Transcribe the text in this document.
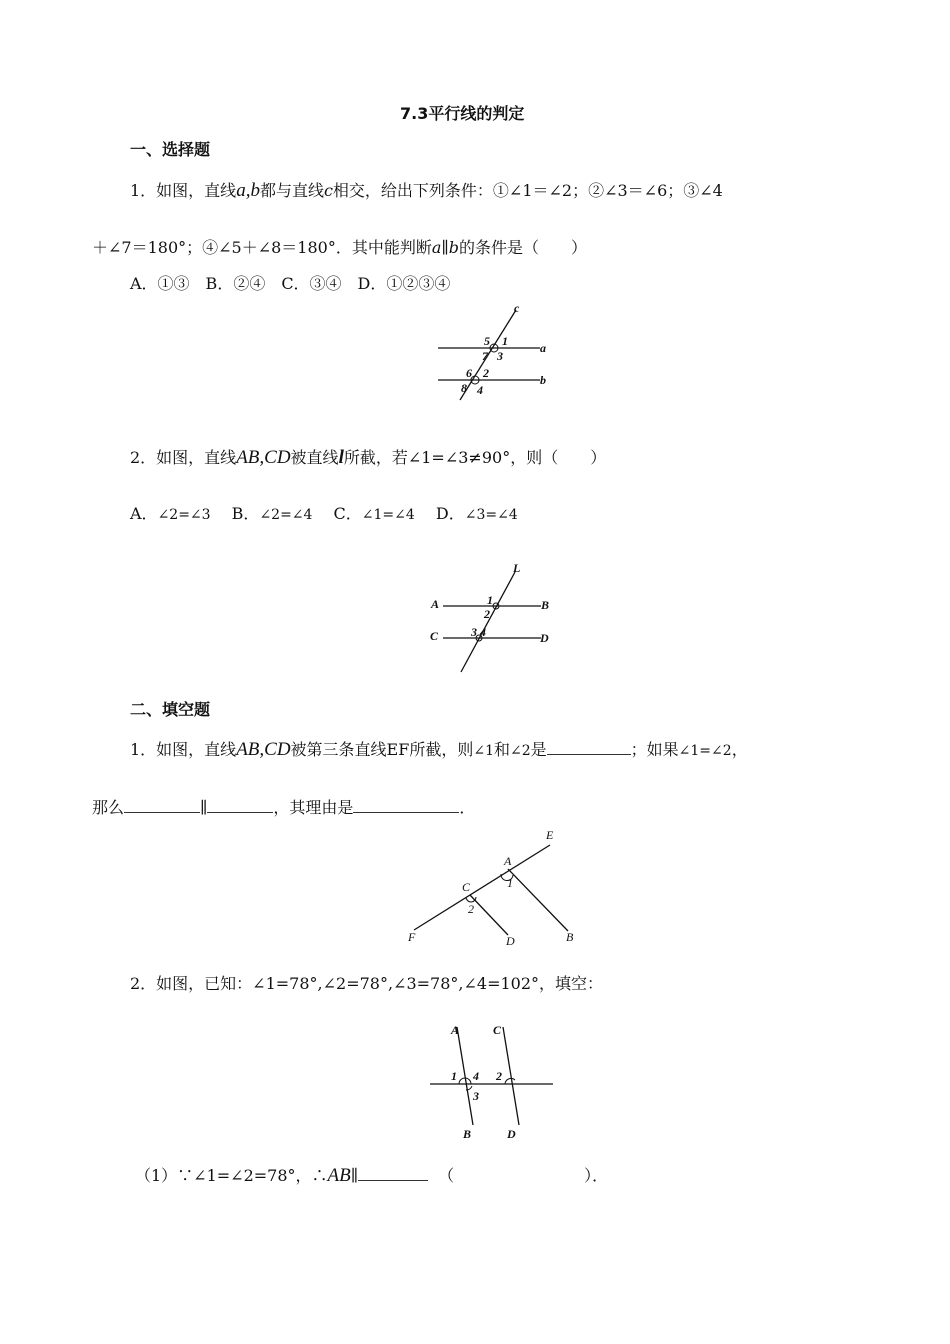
7.3平行线的判定
一、选择题
1．如图，直线a,b都与直线c相交，给出下列条件：①∠1＝∠2；②∠3＝∠6；③∠4
＋∠7＝180°；④∠5＋∠8＝180°．其中能判断a∥b的条件是（　　）
A．①③　B．②④　C．③④　D．①②③④
c
a
b
5 1
7 3
6 2
8 4
2．如图，直线AB,CD被直线l所截，若∠1=∠3≠90°，则（　　）
A．∠2=∠3 B．∠2=∠4 C．∠1=∠4 D．∠3=∠4
L
A	B
C	D
1
2
3 4
二、填空题
1．如图，直线AB,CD被第三条直线EF所截，则∠1和∠2是	；如果∠1=∠2，
那么	∥	，其理由是	．
E
A
1
C
2
F	D	B
2．如图，已知：∠1=78°,∠2=78°,∠3=78°,∠4=102°，填空：
A	C
1 4 2
3
B	D
（1）∵∠1=∠2=78°，∴AB∥	（	）．
